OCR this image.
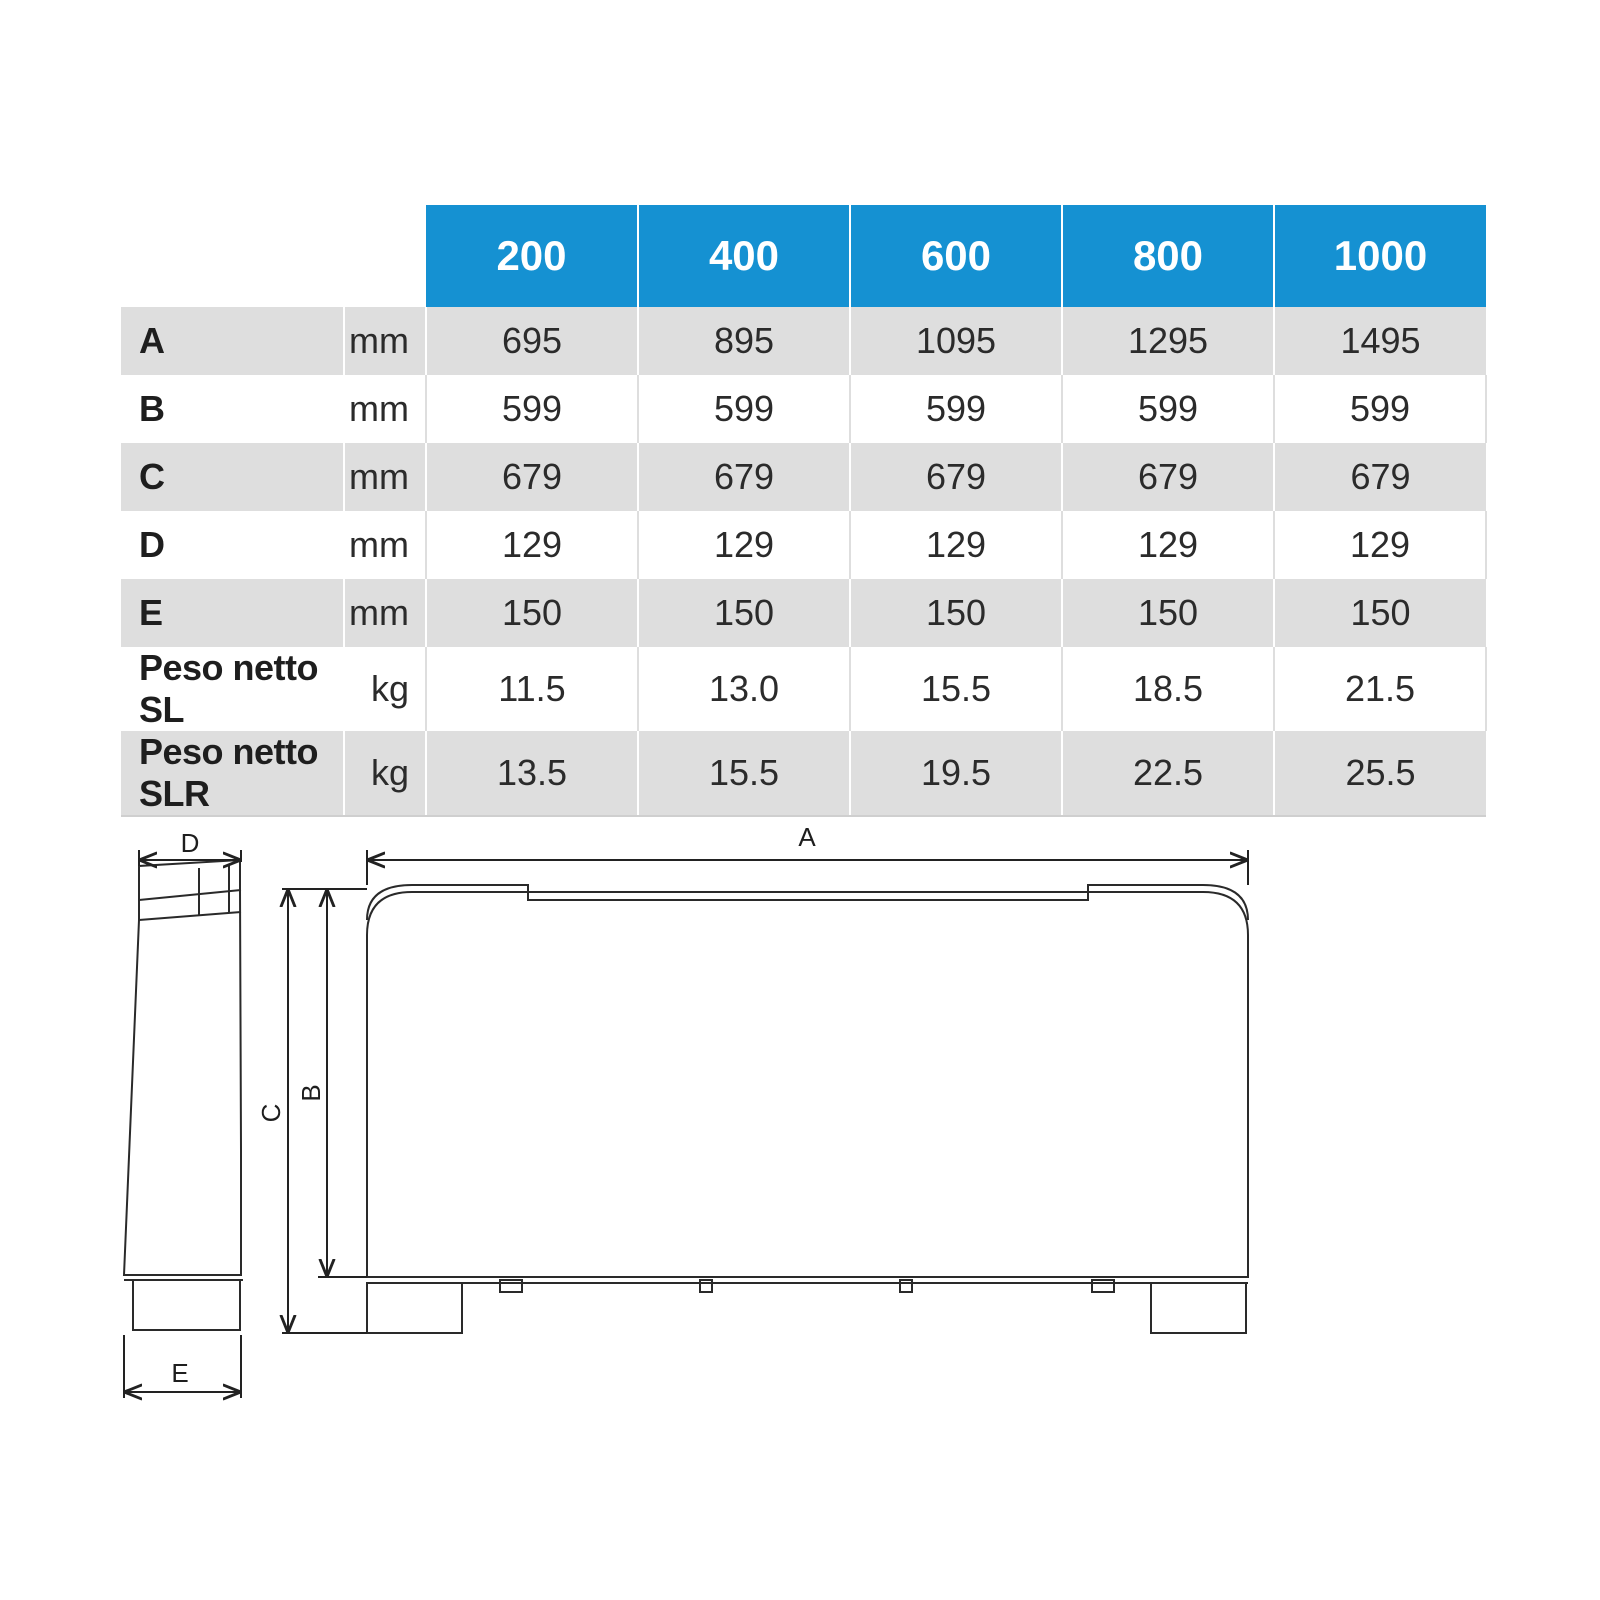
		200	400	600	800	1000
A	mm	695	895	1095	1295	1495
B	mm	599	599	599	599	599
C	mm	679	679	679	679	679
D	mm	129	129	129	129	129
E	mm	150	150	150	150	150
Peso netto SL	kg	11.5	13.0	15.5	18.5	21.5
Peso netto SLR	kg	13.5	15.5	19.5	22.5	25.5
A
B
C
D
E
